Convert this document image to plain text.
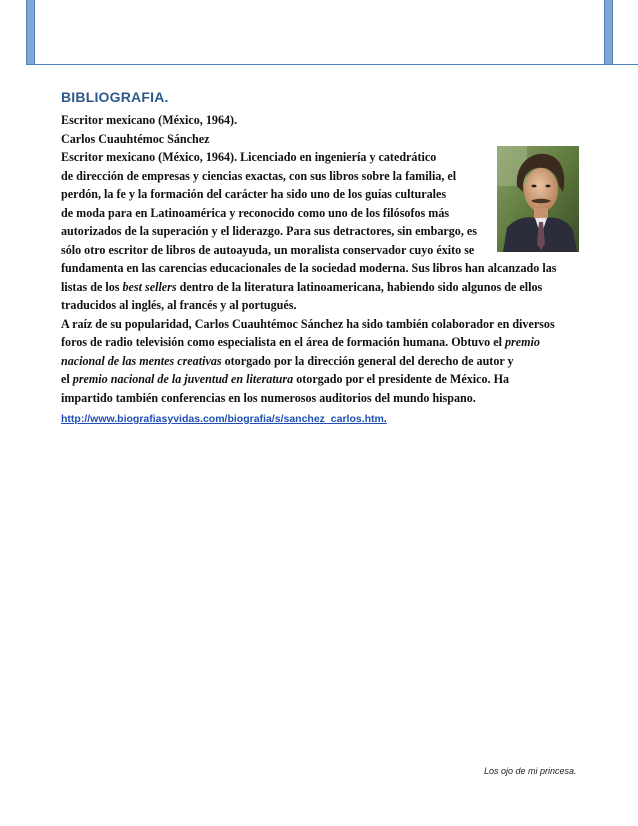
BIBLIOGRAFIA.
Escritor mexicano (México, 1964).
Carlos Cuauhtémoc Sánchez
Escritor mexicano (México, 1964). Licenciado en ingeniería y catedrático
de dirección de empresas y ciencias exactas, con sus libros sobre la familia, el
perdón, la fe y la formación del carácter ha sido uno de los guías culturales
de moda para en Latinoamérica y reconocido como uno de los filósofos más
autorizados de la superación y el liderazgo. Para sus detractores, sin embargo, es
sólo otro escritor de libros de autoayuda, un moralista conservador cuyo éxito se
fundamenta en las carencias educacionales de la sociedad moderna. Sus libros han alcanzado las
listas de los best sellers dentro de la literatura latinoamericana, habiendo sido algunos de ellos
traducidos al inglés, al francés y al portugués.
A raíz de su popularidad, Carlos Cuauhtémoc Sánchez ha sido también colaborador en diversos
foros de radio televisión como especialista en el área de formación humana. Obtuvo el premio
nacional de las mentes creativas otorgado por la dirección general del derecho de autor y
el premio nacional de la juventud en literatura otorgado por el presidente de México. Ha
impartido también conferencias en los numerosos auditorios del mundo hispano.
http://www.biografiasyvidas.com/biografia/s/sanchez_carlos.htm.
Los ojo de mi princesa.
